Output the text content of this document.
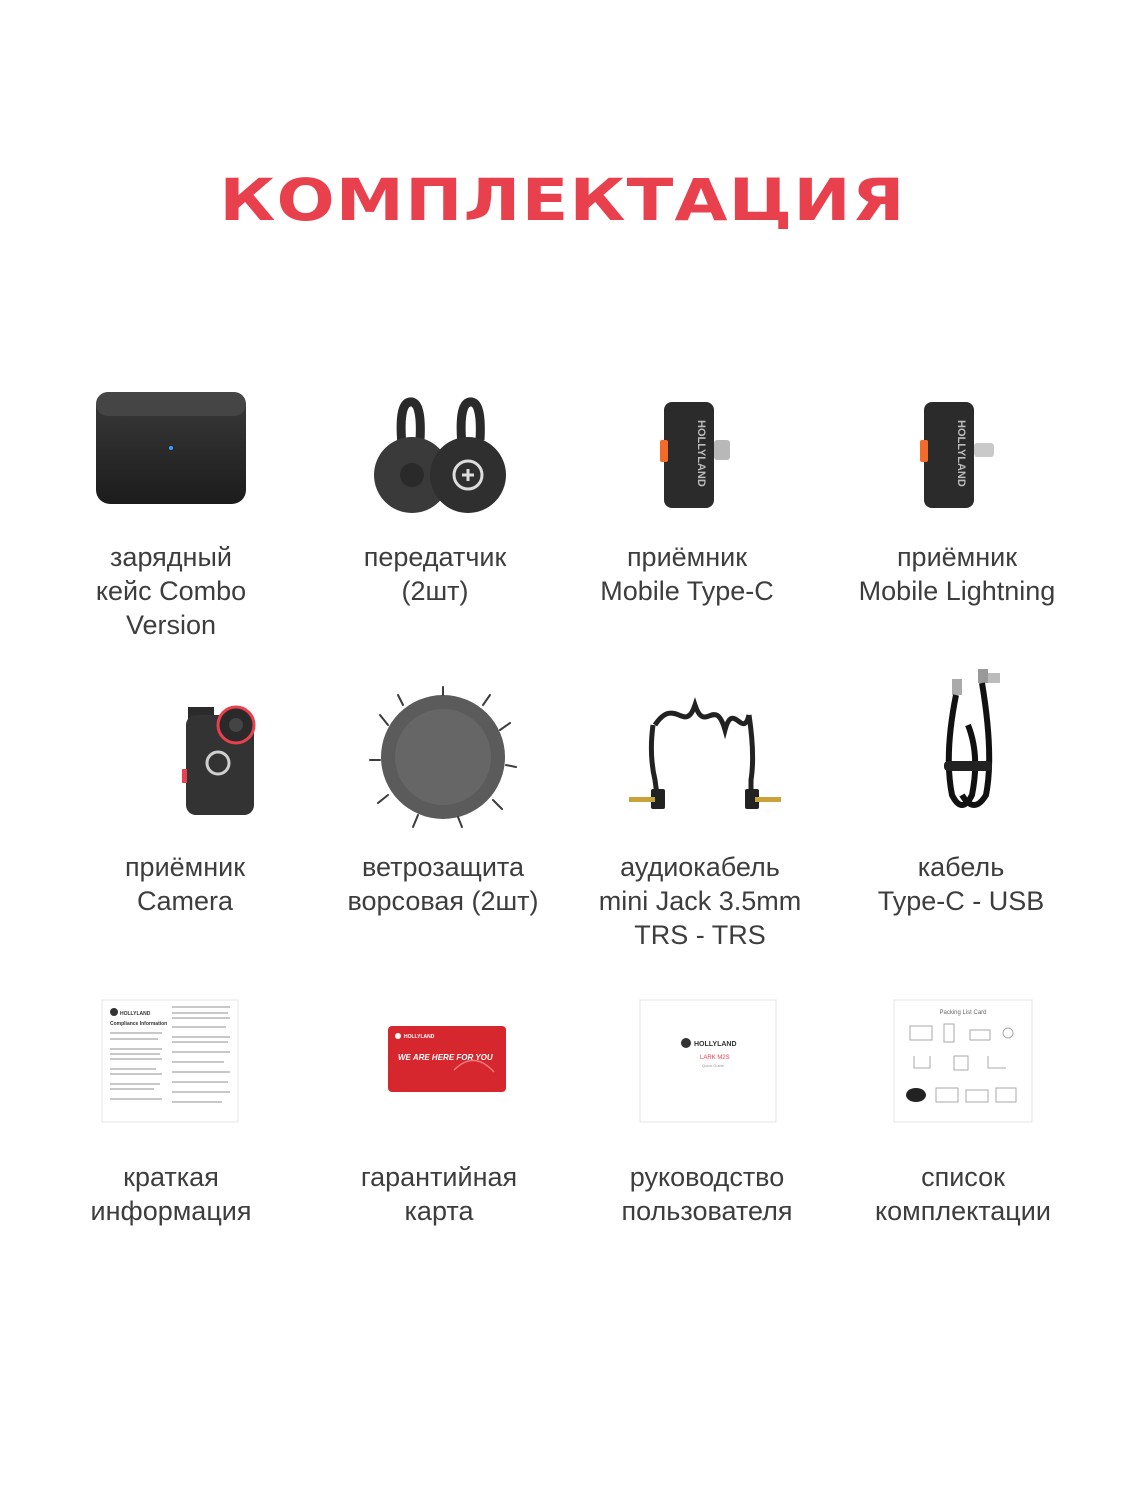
КОМПЛЕКТАЦИЯ
зарядный
кейс Combo
Version
передатчик
(2шт)
HOLLYLAND
приёмник
Mobile Type-C
HOLLYLAND
приёмник
Mobile Lightning
приёмник
Camera
ветрозащита
ворсовая (2шт)
аудиокабель
mini Jack 3.5mm
TRS - TRS
кабель
Type-C - USB
HOLLYLAND
Compliance Information
краткая
информация
HOLLYLAND
WE ARE HERE FOR YOU
гарантийная
карта
HOLLYLAND
LARK M2S
Quick Guide
руководство
пользователя
Packing List Card
список
комплектации
